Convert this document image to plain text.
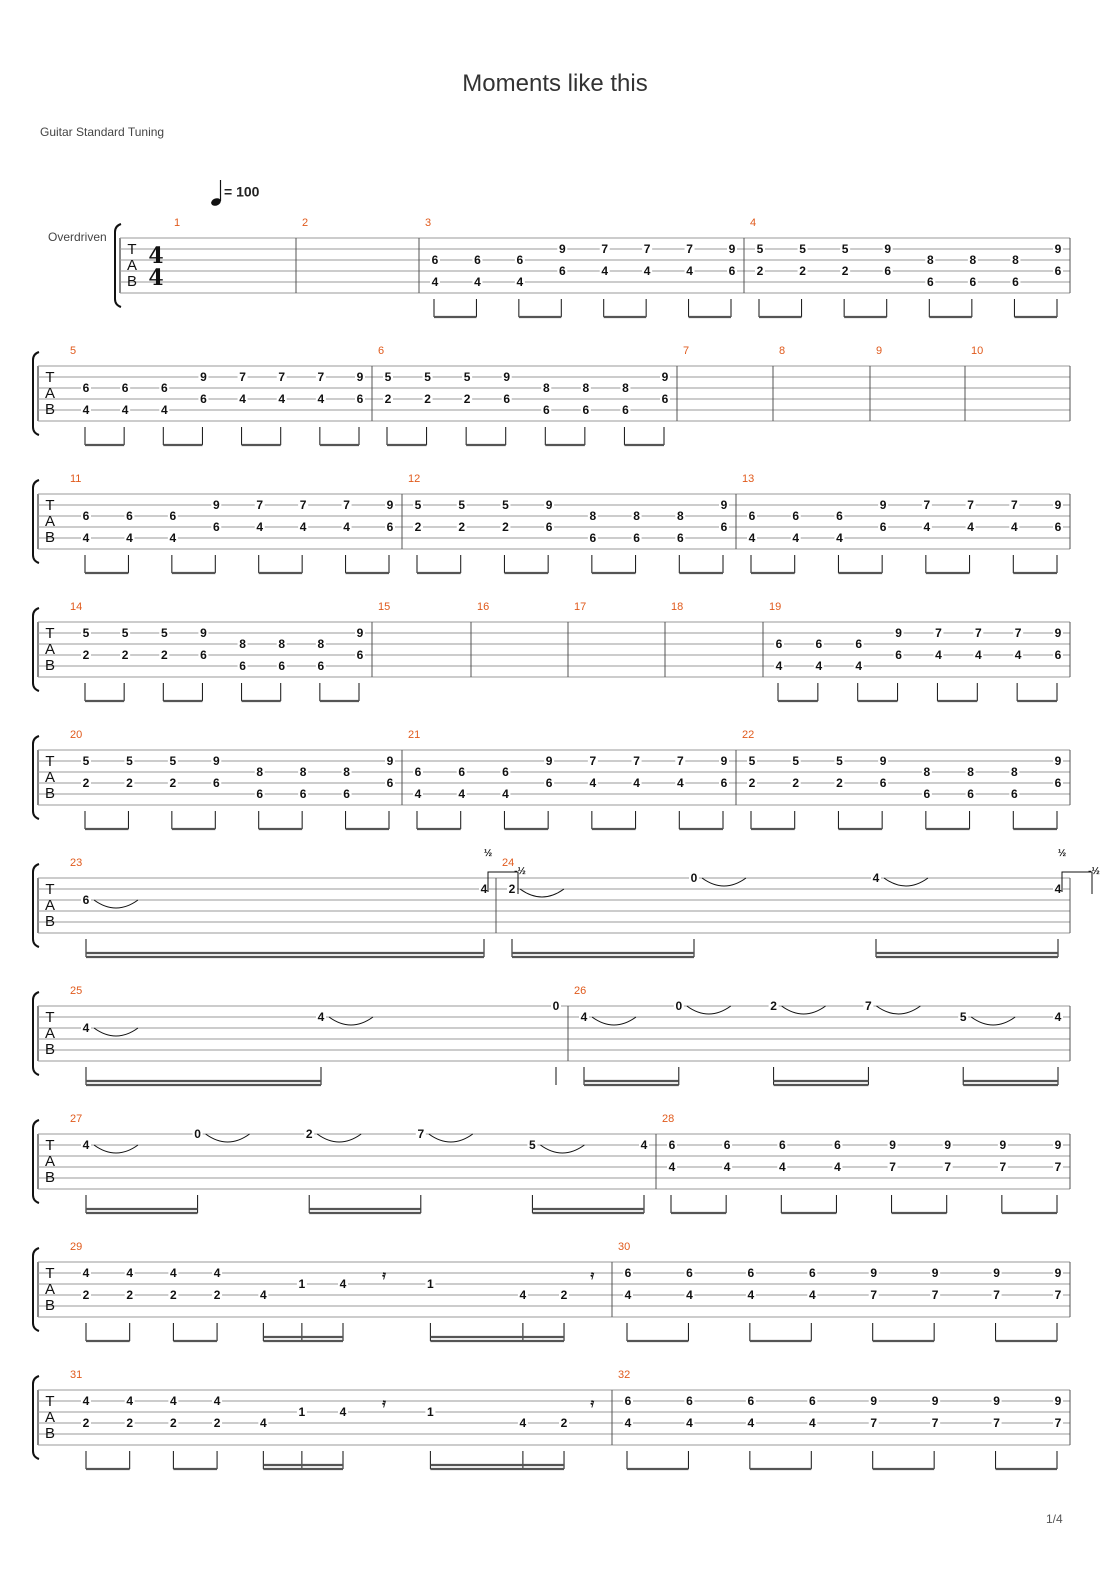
Moments like this
Guitar Standard Tuning
= 100
Overdriven
1/4
T
A
B
4
4
1	2	3
6
4
6
4
6
4
9
6
7
4
7
4
7
4
9
6
4
5
2
5
2
5
2
9
6
8
6
8
6
8
6
9
6
T
A
B
5
6
4
6
4
6
4
9
6
7
4
7
4
7
4
9
6
6
5
2
5
2
5
2
9
6
8
6
8
6
8
6
9
6
7	8	9	10
T
A
B
11
6
4
6
4
6
4
9
6
7
4
7
4
7
4
9
6
12
5
2
5
2
5
2
9
6
8
6
8
6
8
6
9
6
13
6
4
6
4
6
4
9
6
7
4
7
4
7
4
9
6
T
A
B
14
5
2
5
2
5
2
9
6
8
6
8
6
8
6
9
6
15	16	17	18	19
6
4
6
4
6
4
9
6
7
4
7
4
7
4
9
6
T
A
B
20
5
2
5
2
5
2
9
6
8
6
8
6
8
6
9
6
21
6
4
6
4
6
4
9
6
7
4
7
4
7
4
9
6
22
5
2
5
2
5
2
9
6
8
6
8
6
8
6
9
6
T
A
B
23
6
4
½
-½
24
2
0	4
4
½
-½
T
A
B
25
4
4
0
26
4
0	2	7
5	4
T
A
B
27
4
0	2	7
5	4
28
6
4
6
4
6
4
6
4
9
7
9
7
9
7
9
7
T
A
B
29
4
2
4
2
4
2
4
2	4
1	4	1
4	2
𝄿	𝄿
30
6
4
6
4
6
4
6
4
9
7
9
7
9
7
9
7
T
A
B
31
4
2
4
2
4
2
4
2	4
1	4	1
4	2
𝄿	𝄿
32
6
4
6
4
6
4
6
4
9
7
9
7
9
7
9
7
